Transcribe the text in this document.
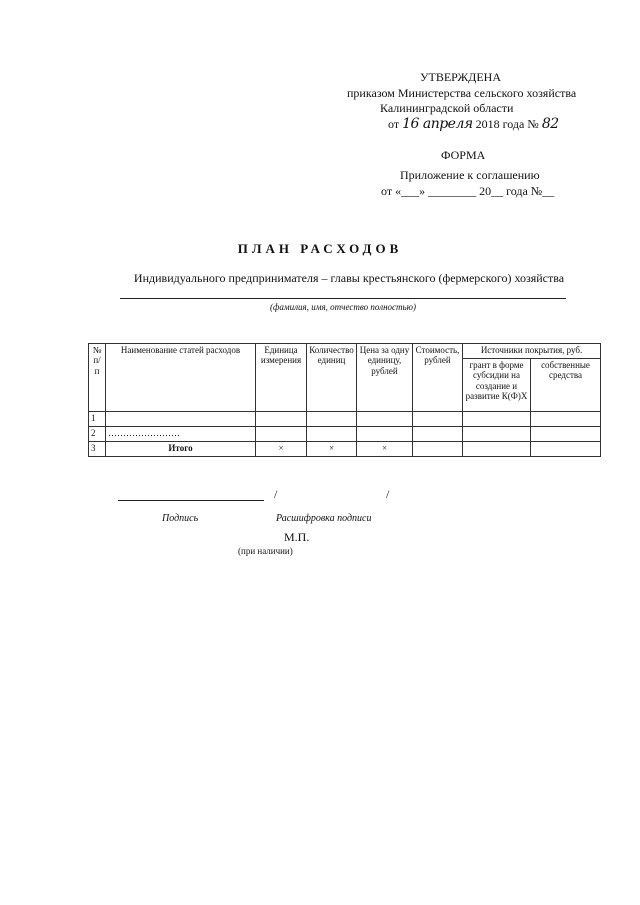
УТВЕРЖДЕНА
приказом Министерства сельского хозяйства
Калининградской области
от 16 апреля 2018 года № 82
ФОРМА
Приложение к соглашению
от «___» ________ 20__ года №__
ПЛАН РАСХОДОВ
Индивидуального предпринимателя – главы крестьянского (фермерского) хозяйства
(фамилия, имя, отчество полностью)
№ п/п	Наименование статей расходов	Единица измерения	Количество единиц	Цена за одну единицу, рублей	Стоимость, рублей	Источники покрытия, руб.	
						грант в форме субсидии на создание и развитие К(Ф)Х	собственные средства
1							
2	……………………						
3	Итого	×	×	×			
/	/
Подпись	Расшифровка подписи
М.П.
(при наличии)
